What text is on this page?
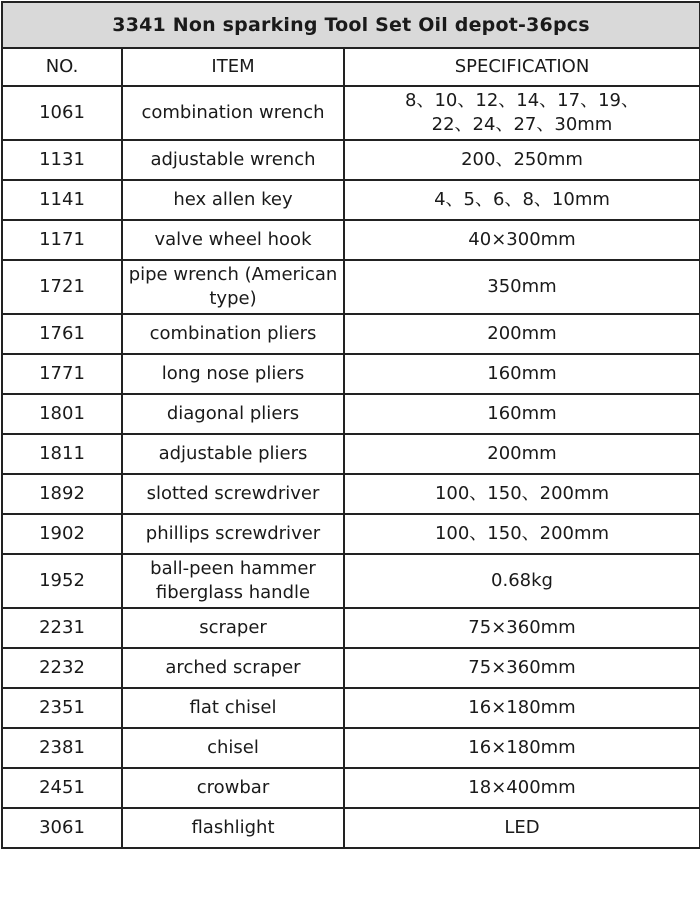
3341 Non sparking Tool Set Oil depot-36pcs		
NO.	ITEM	SPECIFICATION
1061	combination wrench	8、10、12、14、17、19、
22、24、27、30mm

1131	adjustable wrench	200、250mm
1141	hex allen key	4、5、6、8、10mm
1171	valve wheel hook	40×300mm
1721	pipe wrench (American
type)	350mm
1761	combination pliers	200mm
1771	long nose pliers	160mm
1801	diagonal pliers	160mm
1811	adjustable pliers	200mm
1892	slotted screwdriver	100、150、200mm
1902	phillips screwdriver	100、150、200mm
1952	ball-peen hammer
fiberglass handle	0.68kg
2231	scraper	75×360mm
2232	arched scraper	75×360mm
2351	flat chisel	16×180mm
2381	chisel	16×180mm
2451	crowbar	18×400mm
3061	flashlight	LED
